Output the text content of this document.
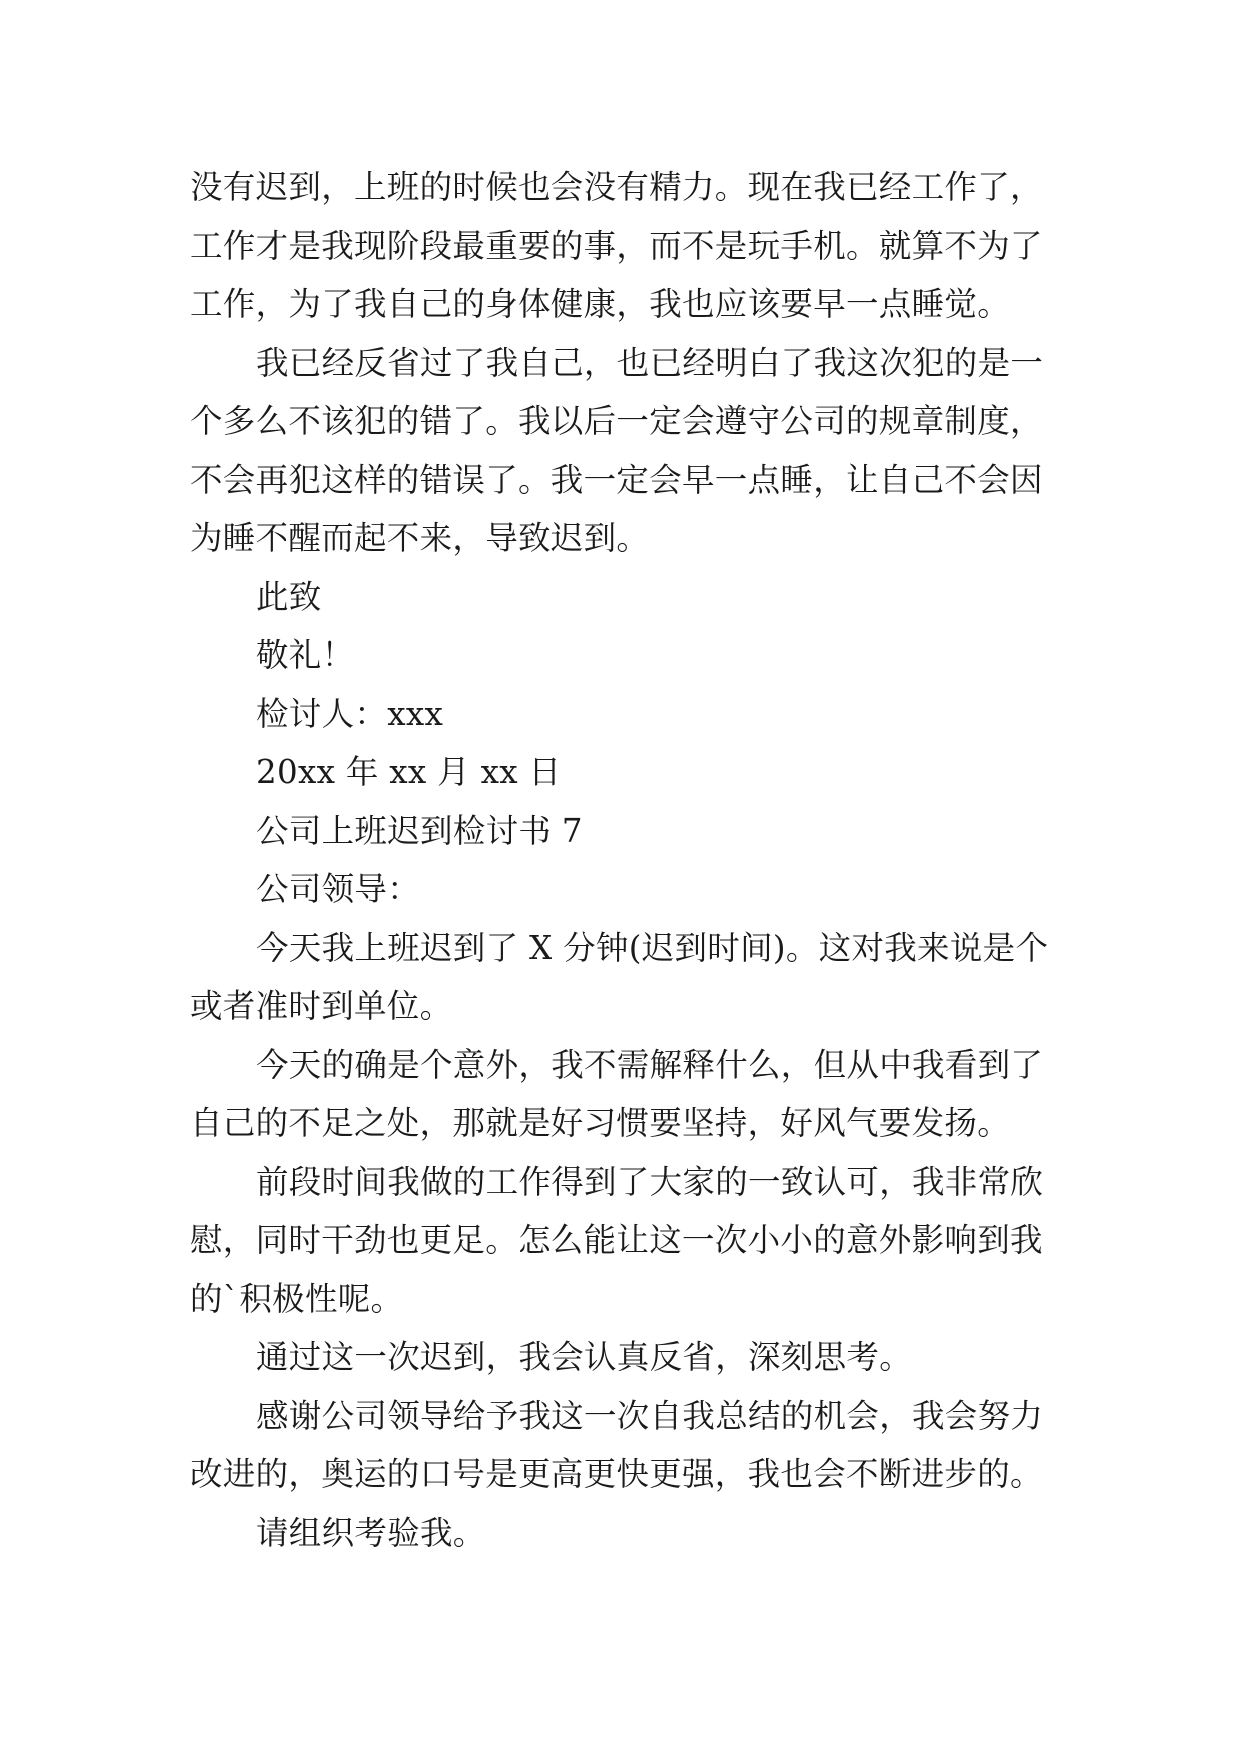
没有迟到，上班的时候也会没有精力。现在我已经工作了，
工作才是我现阶段最重要的事，而不是玩手机。就算不为了
工作，为了我自己的身体健康，我也应该要早一点睡觉。
我已经反省过了我自己，也已经明白了我这次犯的是一
个多么不该犯的错了。我以后一定会遵守公司的规章制度，
不会再犯这样的错误了。我一定会早一点睡，让自己不会因
为睡不醒而起不来，导致迟到。
此致
敬礼！
检讨人：xxx
20xx 年 xx 月 xx 日
公司上班迟到检讨书 7
公司领导：
今天我上班迟到了 X 分钟(迟到时间)。这对我来说是个
或者准时到单位。
今天的确是个意外，我不需解释什么，但从中我看到了
自己的不足之处，那就是好习惯要坚持，好风气要发扬。
前段时间我做的工作得到了大家的一致认可，我非常欣
慰，同时干劲也更足。怎么能让这一次小小的意外影响到我
的`积极性呢。
通过这一次迟到，我会认真反省，深刻思考。
感谢公司领导给予我这一次自我总结的机会，我会努力
改进的，奥运的口号是更高更快更强，我也会不断进步的。
请组织考验我。
